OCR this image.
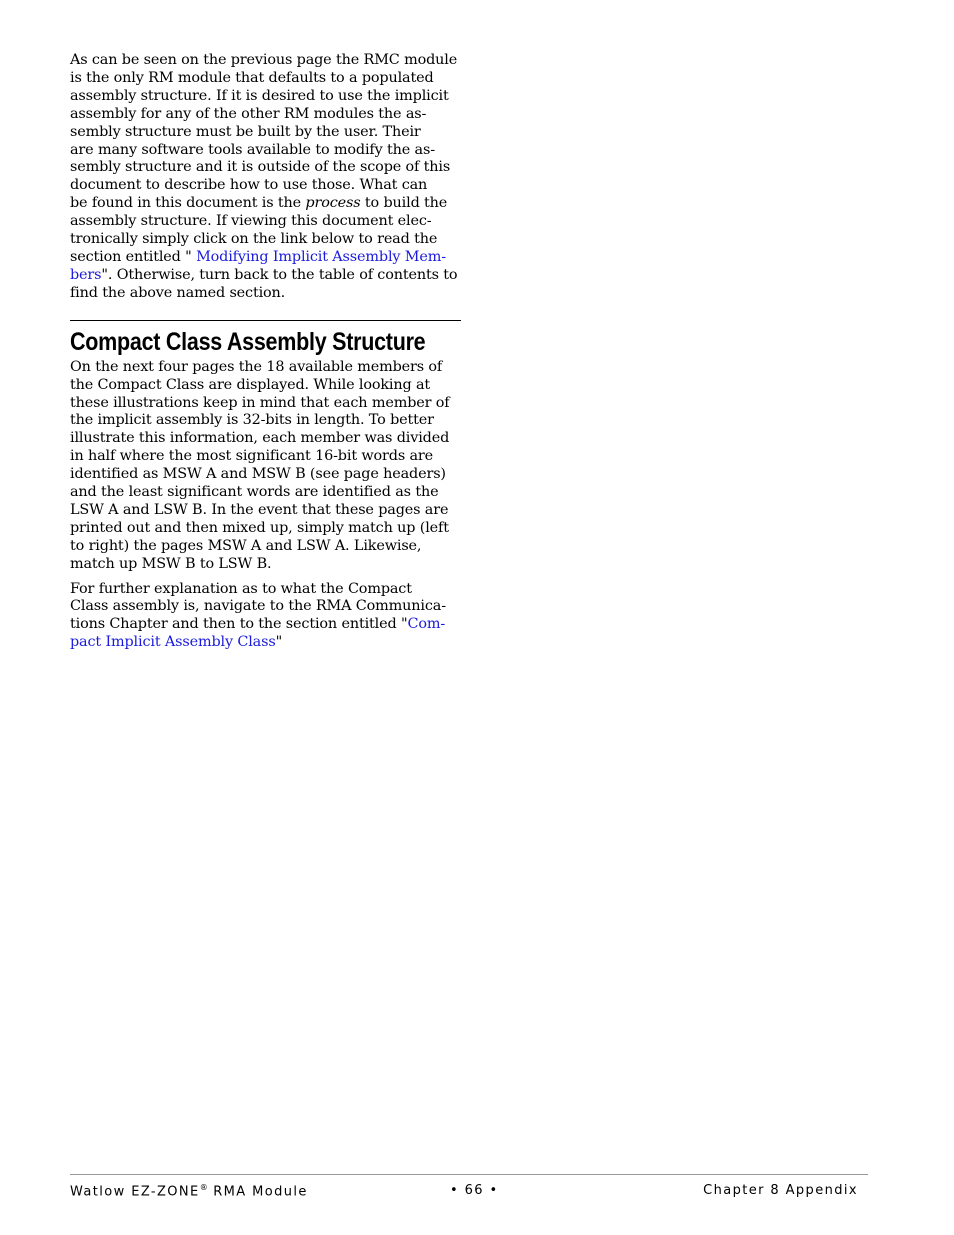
As can be seen on the previous page the RMC module
is the only RM module that defaults to a populated
assembly structure. If it is desired to use the implicit
assembly for any of the other RM modules the as-
sembly structure must be built by the user. Their
are many software tools available to modify the as-
sembly structure and it is outside of the scope of this
document to describe how to use those. What can
be found in this document is the process to build the
assembly structure. If viewing this document elec-
tronically simply click on the link below to read the
section entitled " Modifying Implicit Assembly Mem-
bers". Otherwise, turn back to the table of contents to
find the above named section.
Compact Class Assembly Structure
On the next four pages the 18 available members of
the Compact Class are displayed. While looking at
these illustrations keep in mind that each member of
the implicit assembly is 32-bits in length. To better
illustrate this information, each member was divided
in half where the most significant 16-bit words are
identified as MSW A and MSW B (see page headers)
and the least significant words are identified as the
LSW A and LSW B. In the event that these pages are
printed out and then mixed up, simply match up (left
to right) the pages MSW A and LSW A. Likewise,
match up MSW B to LSW B.
For further explanation as to what the Compact
Class assembly is, navigate to the RMA Communica-
tions Chapter and then to the section entitled "Com-
pact Implicit Assembly Class"
Watlow EZ-ZONE® RMA Module	• 66 •	Chapter 8 Appendix
